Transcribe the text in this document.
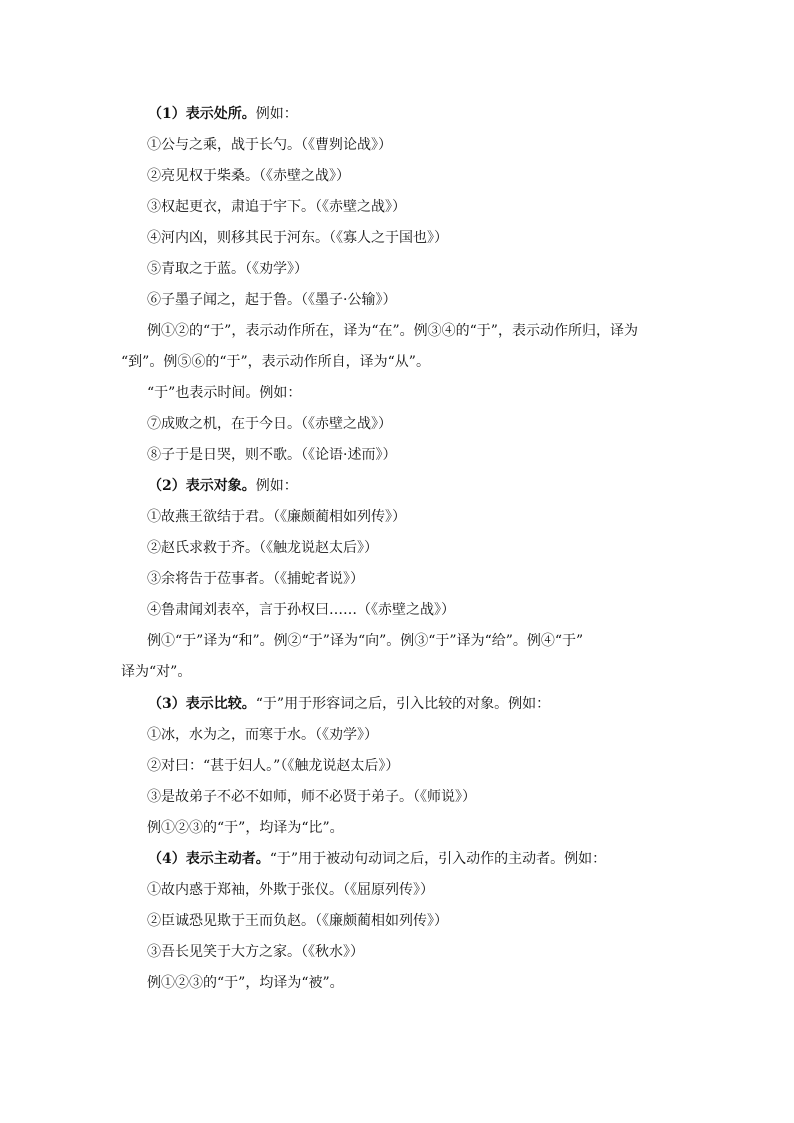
（1）表示处所。例如：
①公与之乘，战于长勺。（《曹刿论战》）
②亮见权于柴桑。（《赤壁之战》）
③权起更衣，肃追于宇下。（《赤壁之战》）
④河内凶，则移其民于河东。（《寡人之于国也》）
⑤青取之于蓝。（《劝学》）
⑥子墨子闻之，起于鲁。（《墨子·公输》）
例①②的“于”，表示动作所在，译为“在”。例③④的“于”，表示动作所归，译为
“到”。例⑤⑥的“于”，表示动作所自，译为“从”。
“于”也表示时间。例如：
⑦成败之机，在于今日。（《赤壁之战》）
⑧子于是日哭，则不歌。（《论语·述而》）
（2）表示对象。例如：
①故燕王欲结于君。（《廉颇蔺相如列传》）
②赵氏求救于齐。（《触龙说赵太后》）
③余将告于莅事者。（《捕蛇者说》）
④鲁肃闻刘表卒，言于孙权曰……（《赤壁之战》）
例①“于”译为“和”。例②“于”译为“向”。例③“于”译为“给”。例④“于”
译为“对”。
（3）表示比较。“于”用于形容词之后，引入比较的对象。例如：
①冰，水为之，而寒于水。（《劝学》）
②对曰：“甚于妇人。”（《触龙说赵太后》）
③是故弟子不必不如师，师不必贤于弟子。（《师说》）
例①②③的“于”，均译为“比”。
（4）表示主动者。“于”用于被动句动词之后，引入动作的主动者。例如：
①故内惑于郑袖，外欺于张仪。（《屈原列传》）
②臣诚恐见欺于王而负赵。（《廉颇蔺相如列传》）
③吾长见笑于大方之家。（《秋水》）
例①②③的“于”，均译为“被”。
